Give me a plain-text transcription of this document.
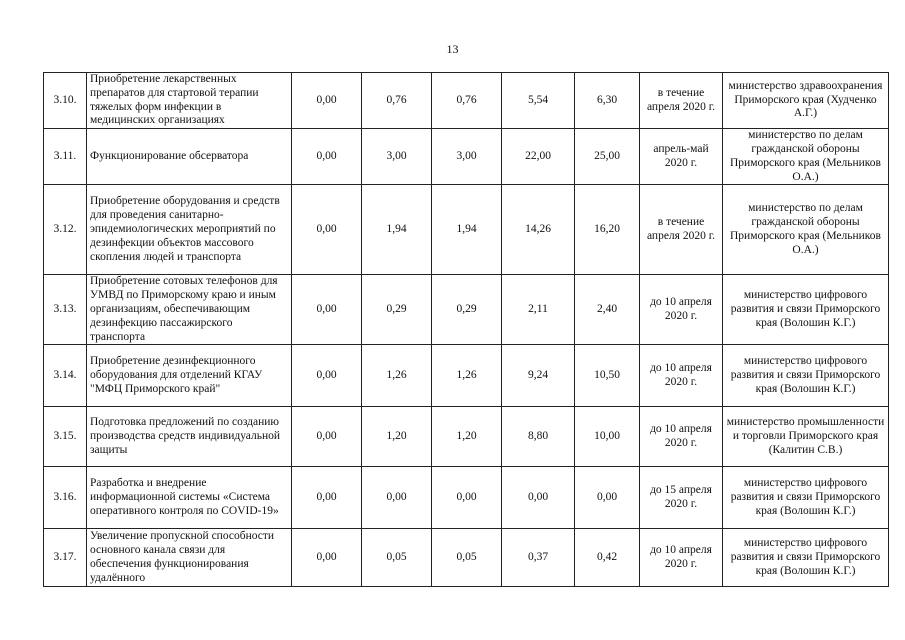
13
3.10.	Приобретение лекарственных препаратов для стартовой терапии тяжелых форм инфекции в медицинских организациях	0,00	0,76	0,76	5,54	6,30	в течение апреля 2020 г.	министерство здравоохранения Приморского края (Худченко А.Г.)
3.11.	Функционирование обсерватора	0,00	3,00	3,00	22,00	25,00	апрель-май 2020 г.	министерство по делам гражданской обороны Приморского края (Мельников О.А.)
3.12.	Приобретение оборудования и средств для проведения санитарно-эпидемиологических мероприятий по дезинфекции объектов массового скопления людей и транспорта	0,00	1,94	1,94	14,26	16,20	в течение апреля 2020 г.	министерство по делам гражданской обороны Приморского края (Мельников О.А.)
3.13.	Приобретение сотовых телефонов для УМВД по Приморскому краю и иным организациям, обеспечивающим дезинфекцию пассажирского транспорта	0,00	0,29	0,29	2,11	2,40	до 10 апреля 2020 г.	министерство цифрового развития и связи Приморского края (Волошин К.Г.)
3.14.	Приобретение дезинфекционного оборудования для отделений КГАУ "МФЦ Приморского край"	0,00	1,26	1,26	9,24	10,50	до 10 апреля 2020 г.	министерство цифрового развития и связи Приморского края (Волошин К.Г.)
3.15.	Подготовка предложений по созданию производства средств индивидуальной защиты	0,00	1,20	1,20	8,80	10,00	до 10 апреля 2020 г.	министерство промышленности и торговли Приморского края (Калитин С.В.)
3.16.	Разработка и внедрение информационной системы «Система оперативного контроля по COVID-19»	0,00	0,00	0,00	0,00	0,00	до 15 апреля 2020 г.	министерство цифрового развития и связи Приморского края (Волошин К.Г.)
3.17.	Увеличение пропускной способности основного канала связи для обеспечения функционирования удалённого	0,00	0,05	0,05	0,37	0,42	до 10 апреля 2020 г.	министерство цифрового развития и связи Приморского края (Волошин К.Г.)
